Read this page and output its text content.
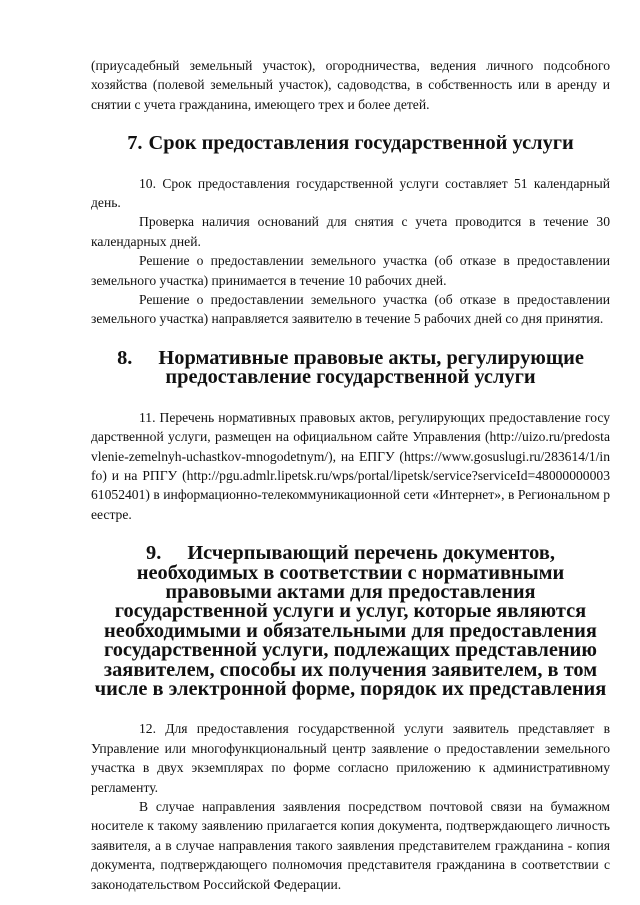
(приусадебный земельный участок), огородничества, ведения личного подсобного хозяйства (полевой земельный участок), садоводства, в собственность или в аренду и снятии с учета гражданина, имеющего трех и более детей.

7. Срок предоставления государственной услуги

10. Срок предоставления государственной услуги составляет 51 календарный день.

Проверка наличия оснований для снятия с учета проводится в течение 30 календарных дней.

Решение о предоставлении земельного участка (об отказе в предоставлении земельного участка) принимается в течение 10 рабочих дней.

Решение о предоставлении земельного участка (об отказе в предоставлении земельного участка) направляется заявителю в течение 5 рабочих дней со дня принятия.

8. Нормативные правовые акты, регулирующие предоставление государственной услуги

11. Перечень нормативных правовых актов, регулирующих предоставление государственной услуги, размещен на официальном сайте Управления (http://uizo.ru/predostavlenie-zemelnyh-uchastkov-mnogodetnym/), на ЕПГУ (https://www.gosuslugi.ru/283614/1/info) и на РПГУ (http://pgu.admlr.lipetsk.ru/wps/portal/lipetsk/service?serviceId=4800000000361052401) в информационно-телекоммуникационной сети «Интернет», в Региональном реестре.

9. Исчерпывающий перечень документов, необходимых в соответствии с нормативными правовыми актами для предоставления государственной услуги и услуг, которые являются необходимыми и обязательными для предоставления государственной услуги, подлежащих представлению заявителем, способы их получения заявителем, в том числе в электронной форме, порядок их представления

12. Для предоставления государственной услуги заявитель представляет в Управление или многофункциональный центр заявление о предоставлении земельного участка в двух экземплярах по форме согласно приложению к административному регламенту.

В случае направления заявления посредством почтовой связи на бумажном носителе к такому заявлению прилагается копия документа, подтверждающего личность заявителя, а в случае направления такого заявления представителем гражданина - копия документа, подтверждающего полномочия представителя гражданина в соответствии с законодательством Российской Федерации.
